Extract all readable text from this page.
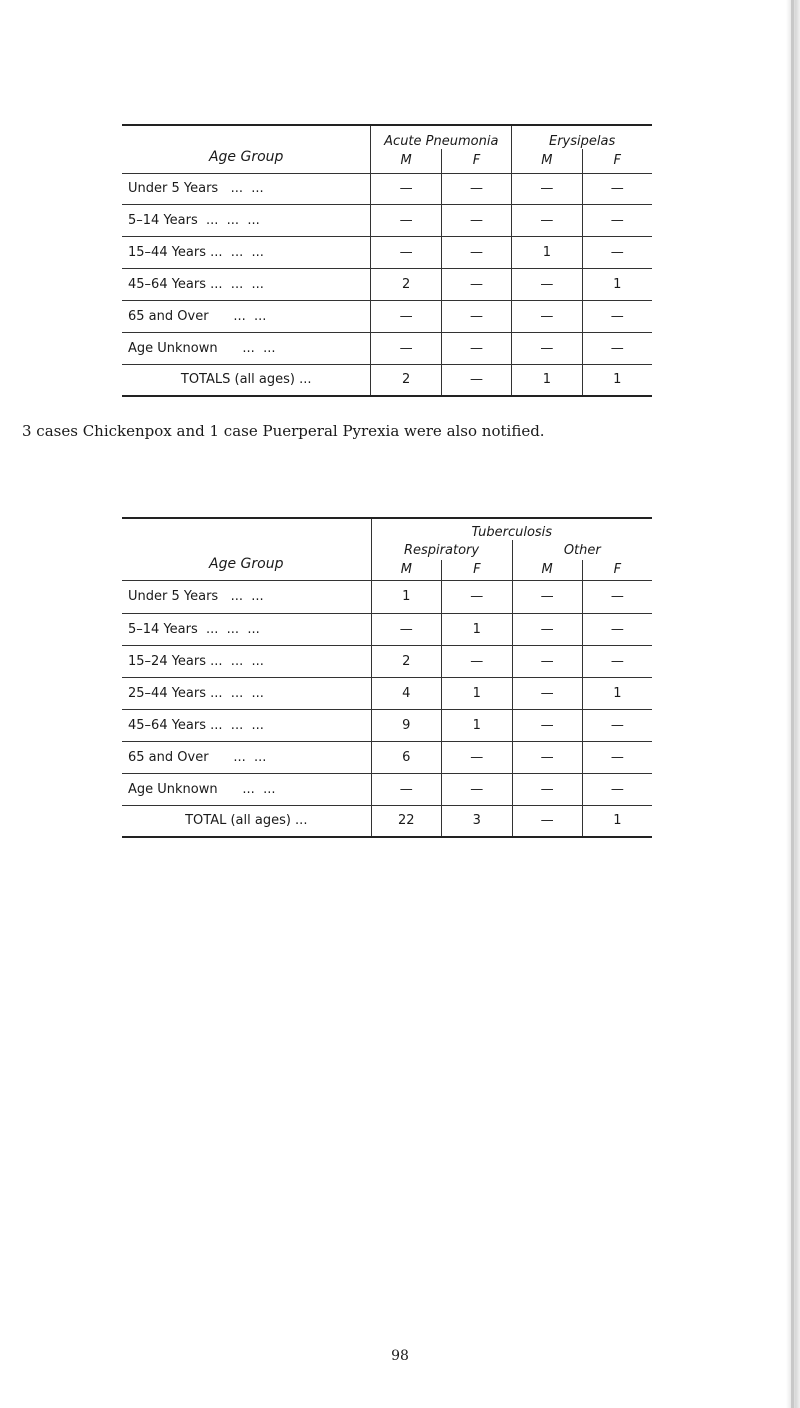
Age Group	Acute Pneumonia		Erysipelas	
	M	F	M	F
Under 5 Years   ...  ...	—	—	—	—
5–14 Years  ...  ...  ...	—	—	—	—
15–44 Years ...  ...  ...	—	—	1	—
45–64 Years ...  ...  ...	2	—	—	1
65 and Over      ...  ...	—	—	—	—
Age Unknown      ...  ...	—	—	—	—
TOTALS (all ages) ...	2	—	1	1
3 cases Chickenpox and 1 case Puerperal Pyrexia were also notified.
Age Group	Tuberculosis			
	Respiratory		Other	
	M	F	M	F
Under 5 Years   ...  ...	1	—	—	—
5–14 Years  ...  ...  ...	—	1	—	—
15–24 Years ...  ...  ...	2	—	—	—
25–44 Years ...  ...  ...	4	1	—	1
45–64 Years ...  ...  ...	9	1	—	—
65 and Over      ...  ...	6	—	—	—
Age Unknown      ...  ...	—	—	—	—
TOTAL (all ages) ...	22	3	—	1
98
